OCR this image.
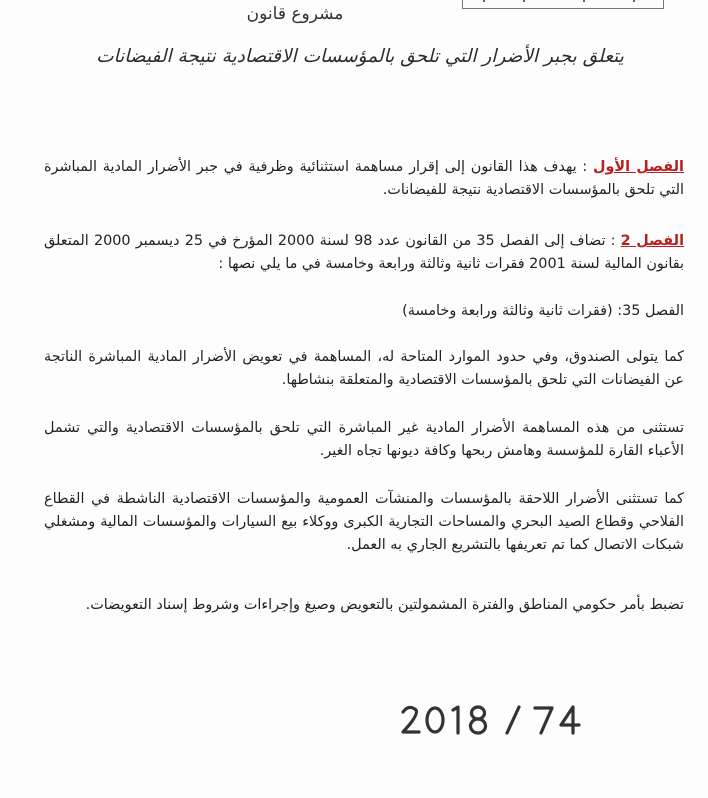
مشروع قانون
يتعلق بجبر الأضرار التي تلحق بالمؤسسات الاقتصادية نتيجة الفيضانات
الفصل الأول : يهدف هذا القانون إلى إقرار مساهمة استثنائية وظرفية في جبر الأضرار المادية المباشرة التي تلحق بالمؤسسات الاقتصادية نتيجة للفيضانات.
الفصل 2 : تضاف إلى الفصل 35 من القانون عدد 98 لسنة 2000 المؤرخ في 25 ديسمبر 2000 المتعلق بقانون المالية لسنة 2001 فقرات ثانية وثالثة ورابعة وخامسة في ما يلي نصها :
الفصل 35: (فقرات ثانية وثالثة ورابعة وخامسة)
كما يتولى الصندوق، وفي حدود الموارد المتاحة له، المساهمة في تعويض الأضرار المادية المباشرة الناتجة عن الفيضانات التي تلحق بالمؤسسات الاقتصادية والمتعلقة بنشاطها.
تستثنى من هذه المساهمة الأضرار المادية غير المباشرة التي تلحق بالمؤسسات الاقتصادية والتي تشمل الأعباء القارة للمؤسسة وهامش ربحها وكافة ديونها تجاه الغير.
كما تستثنى الأضرار اللاحقة بالمؤسسات والمنشآت العمومية والمؤسسات الاقتصادية الناشطة في القطاع الفلاحي وقطاع الصيد البحري والمساحات التجارية الكبرى ووكلاء بيع السيارات والمؤسسات المالية ومشغلي شبكات الاتصال كما تم تعريفها بالتشريع الجاري به العمل.
تضبط بأمر حكومي المناطق والفترة المشمولتين بالتعويض وصيغ وإجراءات وشروط إسناد التعويضات.
